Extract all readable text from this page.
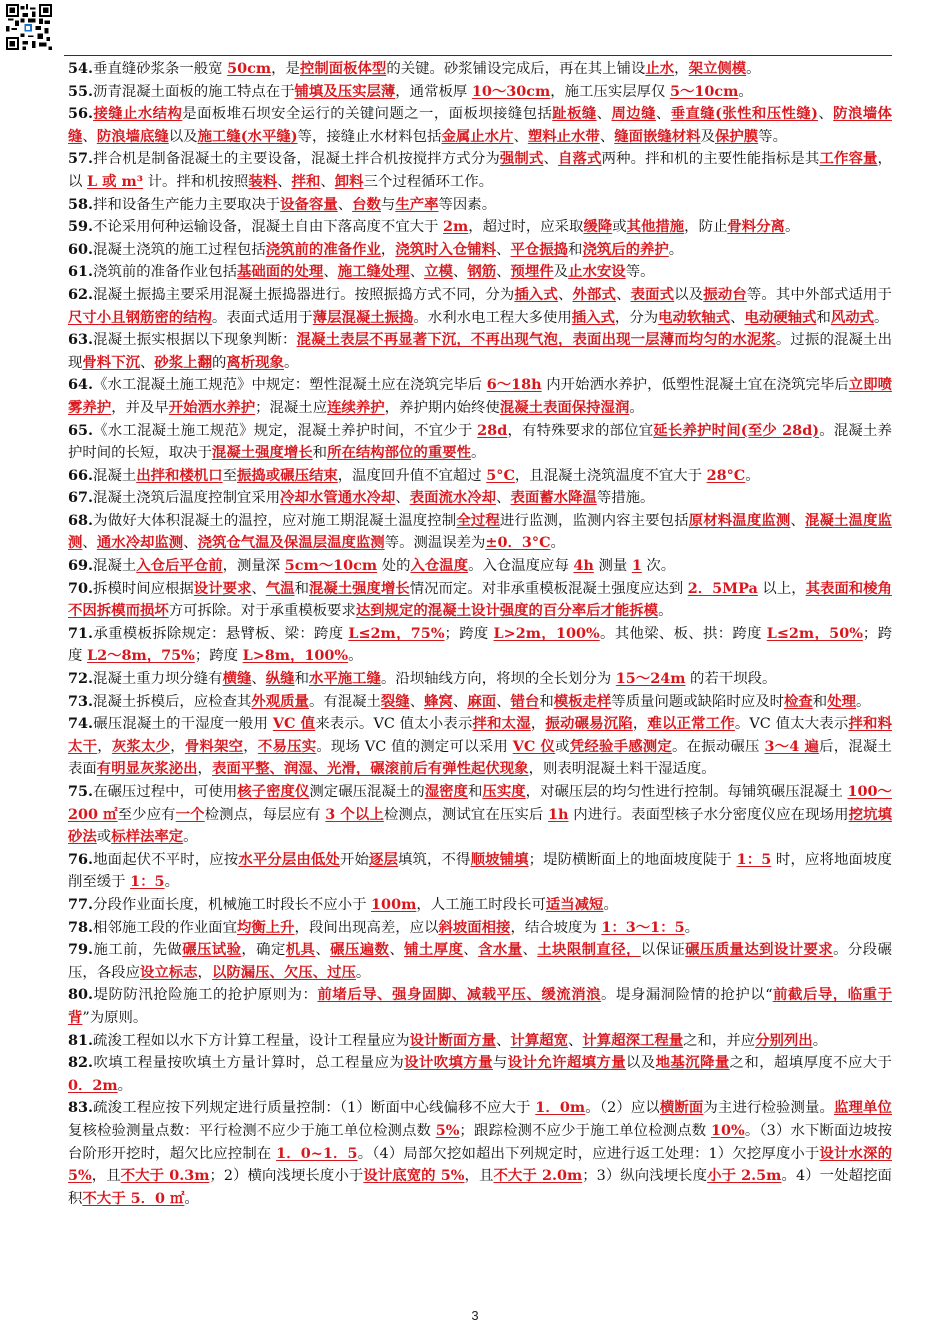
54.垂直缝砂浆条一般宽 50cm，是控制面板体型的关键。砂浆铺设完成后，再在其上铺设止水，架立侧模。

55.沥青混凝土面板的施工特点在于铺填及压实层薄，通常板厚 10～30cm，施工压实层厚仅 5～10cm。

56.接缝止水结构是面板堆石坝安全运行的关键问题之一，面板坝接缝包括趾板缝、周边缝、垂直缝(张性和压性缝)、防浪墙体缝、防浪墙底缝以及施工缝(水平缝)等，接缝止水材料包括金属止水片、塑料止水带、缝面嵌缝材料及保护膜等。

57.拌合机是制备混凝土的主要设备，混凝土拌合机按搅拌方式分为强制式、自落式两种。拌和机的主要性能指标是其工作容量，以 L 或 m³ 计。拌和机按照装料、拌和、卸料三个过程循环工作。

58.拌和设备生产能力主要取决于设备容量、台数与生产率等因素。

59.不论采用何种运输设备，混凝土自由下落高度不宜大于 2m，超过时，应采取缓降或其他措施，防止骨料分离。

60.混凝土浇筑的施工过程包括浇筑前的准备作业，浇筑时入仓铺料、平仓振捣和浇筑后的养护。

61.浇筑前的准备作业包括基础面的处理、施工缝处理、立模、钢筋、预埋件及止水安设等。

62.混凝土振捣主要采用混凝土振捣器进行。按照振捣方式不同，分为插入式、外部式、表面式以及振动台等。其中外部式适用于尺寸小且钢筋密的结构。表面式适用于薄层混凝土振捣。水利水电工程大多使用插入式，分为电动软轴式、电动硬轴式和风动式。

63.混凝土振实根据以下现象判断：混凝土表层不再显著下沉，不再出现气泡，表面出现一层薄而均匀的水泥浆。过振的混凝土出现骨料下沉、砂浆上翻的离析现象。

64.《水工混凝土施工规范》中规定：塑性混凝土应在浇筑完毕后 6～18h 内开始洒水养护，低塑性混凝土宜在浇筑完毕后立即喷雾养护，并及早开始洒水养护；混凝土应连续养护，养护期内始终使混凝土表面保持湿润。

65.《水工混凝土施工规范》规定，混凝土养护时间，不宜少于 28d，有特殊要求的部位宜延长养护时间(至少 28d)。混凝土养护时间的长短，取决于混凝土强度增长和所在结构部位的重要性。

66.混凝土出拌和楼机口至振捣或碾压结束，温度回升值不宜超过 5°C，且混凝土浇筑温度不宜大于 28°C。

67.混凝土浇筑后温度控制宜采用冷却水管通水冷却、表面流水冷却、表面蓄水降温等措施。

68.为做好大体积混凝土的温控，应对施工期混凝土温度控制全过程进行监测，监测内容主要包括原材料温度监测、混凝土温度监测、通水冷却监测、浇筑仓气温及保温层温度监测等。测温误差为±0．3°C。

69.混凝土入仓后平仓前，测量深 5cm～10cm 处的入仓温度。入仓温度应每 4h 测量 1 次。

70.拆模时间应根据设计要求、气温和混凝土强度增长情况而定。对非承重模板混凝土强度应达到 2．5MPa 以上，其表面和棱角不因拆模而损坏方可拆除。对于承重模板要求达到规定的混凝土设计强度的百分率后才能拆模。

71.承重模板拆除规定：悬臂板、梁：跨度 L≤2m，75%；跨度 L>2m，100%。其他梁、板、拱：跨度 L≤2m，50%；跨度 L2～8m，75%；跨度 L>8m，100%。

72.混凝土重力坝分缝有横缝、纵缝和水平施工缝。沿坝轴线方向，将坝的全长划分为 15～24m 的若干坝段。

73.混凝土拆模后，应检查其外观质量。有混凝土裂缝、蜂窝、麻面、错台和模板走样等质量问题或缺陷时应及时检查和处理。

74.碾压混凝土的干湿度一般用 VC 值来表示。VC 值太小表示拌和太湿，振动碾易沉陷，难以正常工作。VC 值太大表示拌和料太干，灰浆太少，骨料架空，不易压实。现场 VC 值的测定可以采用 VC 仪或凭经验手感测定。在振动碾压 3～4 遍后，混凝土表面有明显灰浆泌出，表面平整、润湿、光滑，碾滚前后有弹性起伏现象，则表明混凝土料干湿适度。

75.在碾压过程中，可使用核子密度仪测定碾压混凝土的湿密度和压实度，对碾压层的均匀性进行控制。每铺筑碾压混凝土 100～200 ㎡至少应有一个检测点，每层应有 3 个以上检测点，测试宜在压实后 1h 内进行。表面型核子水分密度仪应在现场用挖坑填砂法或标样法率定。

76.地面起伏不平时，应按水平分层由低处开始逐层填筑，不得顺坡铺填；堤防横断面上的地面坡度陡于 1：5 时，应将地面坡度削至缓于 1：5。

77.分段作业面长度，机械施工时段长不应小于 100m，人工施工时段长可适当减短。

78.相邻施工段的作业面宜均衡上升，段间出现高差，应以斜坡面相接，结合坡度为 1：3～1：5。

79.施工前，先做碾压试验，确定机具、碾压遍数、铺土厚度、含水量、土块限制直径，以保证碾压质量达到设计要求。分段碾压，各段应设立标志，以防漏压、欠压、过压。

80.堤防防汛抢险施工的抢护原则为：前堵后导、强身固脚、减载平压、缓流消浪。堤身漏洞险情的抢护以“前截后导，临重于背”为原则。

81.疏浚工程如以水下方计算工程量，设计工程量应为设计断面方量、计算超宽、计算超深工程量之和，并应分别列出。

82.吹填工程量按吹填土方量计算时，总工程量应为设计吹填方量与设计允许超填方量以及地基沉降量之和，超填厚度不应大于 0．2m。

83.疏浚工程应按下列规定进行质量控制：（1）断面中心线偏移不应大于 1．0m。（2）应以横断面为主进行检验测量。监理单位复核检验测量点数：平行检测不应少于施工单位检测点数 5%；跟踪检测不应少于施工单位检测点数 10%。（3）水下断面边坡按台阶形开挖时，超欠比应控制在 1．0~1．5。（4）局部欠挖如超出下列规定时，应进行返工处理：1）欠挖厚度小于设计水深的 5%，且不大于 0.3m；2）横向浅埂长度小于设计底宽的 5%，且不大于 2.0m；3）纵向浅埂长度小于 2.5m。4）一处超挖面积不大于 5．0 ㎡。

3
